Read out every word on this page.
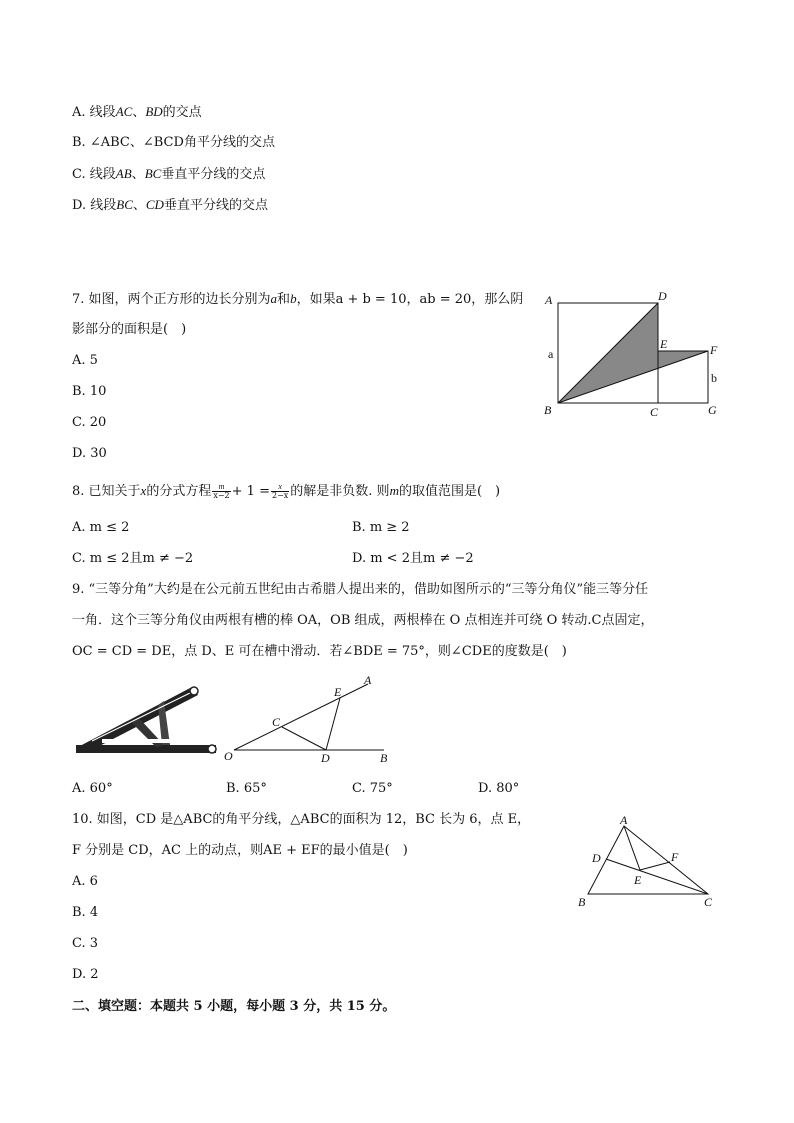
A. 线段AC、BD的交点
B. ∠ABC、∠BCD角平分线的交点
C. 线段AB、BC垂直平分线的交点
D. 线段BC、CD垂直平分线的交点
7. 如图，两个正方形的边长分别为a和b，如果a + b = 10，ab = 20，那么阴
影部分的面积是(　)
A. 5
B. 10
C. 20
D. 30
A	D
E	F
a
b
B	C	G
8. 已知关于x的分式方程 $\frac{m}{x-2} + 1 = \frac{x}{2-x}$ 的解是非负数. 则m的取值范围是(　)
A. m ≤ 2	B. m ≥ 2
C. m ≤ 2且m ≠ −2	D. m < 2且m ≠ −2
9. “三等分角”大约是在公元前五世纪由古希腊人提出来的，借助如图所示的“三等分角仪”能三等分任
一角．这个三等分角仪由两根有槽的棒 OA，OB 组成，两根棒在 O 点相连并可绕 O 转动.C点固定，
OC = CD = DE，点 D、E 可在槽中滑动．若∠BDE = 75°，则∠CDE的度数是(　)
A
E
C
O	D	B
A. 60°	B. 65°	C. 75°	D. 80°
10. 如图，CD 是△ABC的角平分线，△ABC的面积为 12，BC 长为 6，点 E，
F 分别是 CD，AC 上的动点，则AE + EF的最小值是(　)
A. 6
B. 4
C. 3
D. 2
A
D	F
E
B	C
二、填空题：本题共 5 小题，每小题 3 分，共 15 分。
